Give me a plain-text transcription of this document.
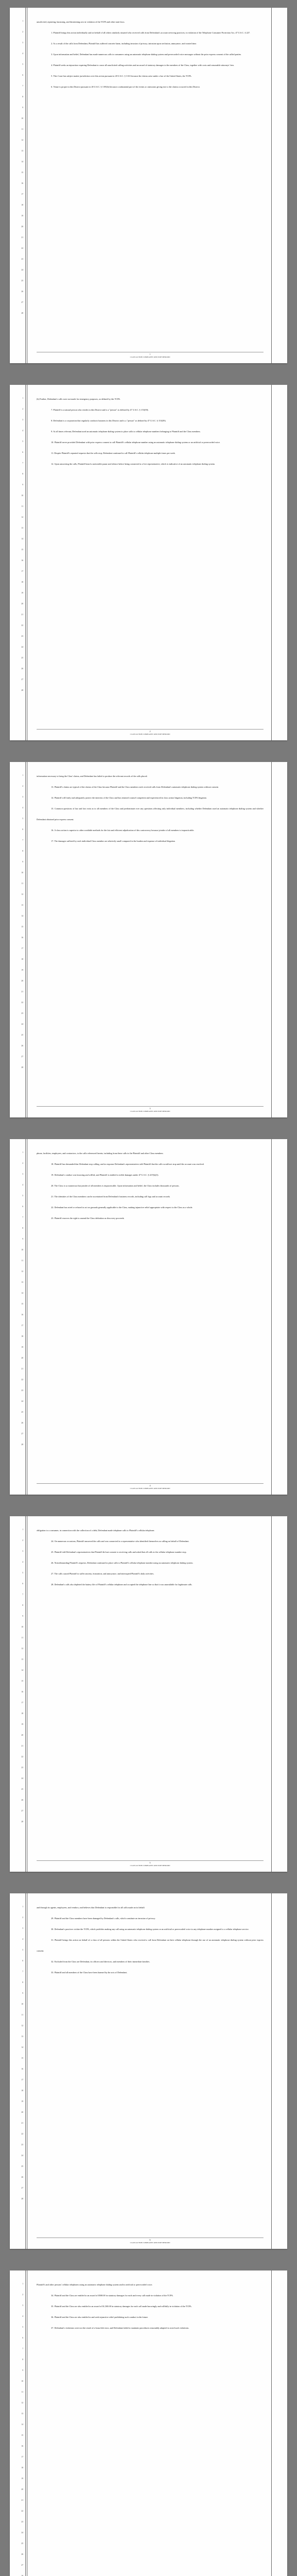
1
2
3
4
5
6
7
8
9
10
11
12
13
14
15
16
17
18
19
20
21
22
23
24
25
26
27
28

unsolicited, repeating, harassing, and threatening acts in violation of the TCPA and other state laws.

1. Plaintiff brings this action individually and on behalf of all others similarly situated who received calls from Defendant's account servicing practices, in violation of the Telephone Consumer Protection Act, 47 U.S.C. § 227.

2. As a result of the calls from Defendant, Plaintiff has suffered concrete harm, including invasion of privacy, intrusion upon seclusion, annoyance, and wasted time.

3. Upon information and belief, Defendant has made numerous calls to consumers using an automatic telephone dialing system and prerecorded voice messages without the prior express consent of the called parties.

4. Plaintiff seeks an injunction requiring Defendant to cease all unsolicited calling activities and an award of statutory damages to the members of the Class, together with costs and reasonable attorneys' fees.

5. This Court has subject matter jurisdiction over this action pursuant to 28 U.S.C. § 1331 because the claims arise under a law of the United States, the TCPA.

6. Venue is proper in this District pursuant to 28 U.S.C. § 1391(b) because a substantial part of the events or omissions giving rise to the claims occurred in this District.

1
CLASS ACTION COMPLAINT AND JURY DEMAND
1
2
3
4
5
6
7
8
9
10
11
12
13
14
15
16
17
18
19
20
21
22
23
24
25
26
27
28

(b) Further, Defendant's calls were not made for emergency purposes, as defined by the TCPA.

7. Plaintiff is a natural person who resides in this District and is a "person" as defined by 47 U.S.C. § 153(39).

8. Defendant is a corporation that regularly conducts business in this District and is a "person" as defined by 47 U.S.C. § 153(39).

9. At all times relevant, Defendant used an automatic telephone dialing system to place calls to cellular telephone numbers belonging to Plaintiff and the Class members.

10. Plaintiff never provided Defendant with prior express consent to call Plaintiff's cellular telephone number using an automatic telephone dialing system or an artificial or prerecorded voice.

11. Despite Plaintiff's repeated requests that the calls stop, Defendant continued to call Plaintiff's cellular telephone multiple times per week.

12. Upon answering the calls, Plaintiff heard a noticeable pause and silence before being connected to a live representative, which is indicative of an automatic telephone dialing system.

2
CLASS ACTION COMPLAINT AND JURY DEMAND
1
2
3
4
5
6
7
8
9
10
11
12
13
14
15
16
17
18
19
20
21
22
23
24
25
26
27
28

information necessary to bring the Class' claims, and Defendant has failed to produce the relevant records of the calls placed.

13. Plaintiff's claims are typical of the claims of the Class because Plaintiff and the Class members each received calls from Defendant's automatic telephone dialing system without consent.

14. Plaintiff will fairly and adequately protect the interests of the Class and has retained counsel competent and experienced in class action litigation, including TCPA litigation.

15. Common questions of law and fact exist as to all members of the Class and predominate over any questions affecting only individual members, including whether Defendant used an automatic telephone dialing system and whether Defendant obtained prior express consent.

16. A class action is superior to other available methods for the fair and efficient adjudication of this controversy because joinder of all members is impracticable.

17. The damages suffered by each individual Class member are relatively small compared to the burden and expense of individual litigation.

3
CLASS ACTION COMPLAINT AND JURY DEMAND
1
2
3
4
5
6
7
8
9
10
11
12
13
14
15
16
17
18
19
20
21
22
23
24
25
26
27
28

phone, facilities, employees, and contractors, to the calls referenced herein, including from these calls to the Plaintiff and other Class members.

18. Plaintiff has demanded that Defendant stop calling, and in response Defendant's representatives told Plaintiff that the calls would not stop until the account was resolved.

19. Defendant's conduct was knowing and willful, and Plaintiff is entitled to treble damages under 47 U.S.C. § 227(b)(3).

20. The Class is so numerous that joinder of all members is impracticable. Upon information and belief, the Class includes thousands of persons.

21. The identities of the Class members can be ascertained from Defendant's business records, including call logs and account records.

22. Defendant has acted or refused to act on grounds generally applicable to the Class, making injunctive relief appropriate with respect to the Class as a whole.

23. Plaintiff reserves the right to amend the Class definition as discovery proceeds.

4
CLASS ACTION COMPLAINT AND JURY DEMAND
1
2
3
4
5
6
7
8
9
10
11
12
13
14
15
16
17
18
19
20
21
22
23
24
25
26
27
28

obligation to a consumer, in connection with the collection of a debt, Defendant made telephone calls to Plaintiff's cellular telephone.

24. On numerous occasions, Plaintiff answered the calls and was connected to a representative who identified themselves as calling on behalf of Defendant.

25. Plaintiff told Defendant's representatives that Plaintiff did not consent to receiving calls and asked that all calls to the cellular telephone number stop.

26. Notwithstanding Plaintiff's requests, Defendant continued to place calls to Plaintiff's cellular telephone number using an automatic telephone dialing system.

27. The calls caused Plaintiff to suffer anxiety, frustration, and annoyance, and interrupted Plaintiff's daily activities.

28. Defendant's calls also depleted the battery life of Plaintiff's cellular telephone and occupied the telephone line so that it was unavailable for legitimate calls.

5
CLASS ACTION COMPLAINT AND JURY DEMAND
1
2
3
4
5
6
7
8
9
10
11
12
13
14
15
16
17
18
19
20
21
22
23
24
25
26
27
28

and through its agents, employees, and vendors, and believes that Defendant is responsible for all calls made on its behalf.

29. Plaintiff and the Class members have been damaged by Defendant's calls, which constitute an invasion of privacy.

30. Defendant's practices violate the TCPA, which prohibits making any call using an automatic telephone dialing system or an artificial or prerecorded voice to any telephone number assigned to a cellular telephone service.

31. Plaintiff brings this action on behalf of a class of all persons within the United States who received a call from Defendant on their cellular telephone through the use of an automatic telephone dialing system without prior express consent.

32. Excluded from the Class are Defendant, its officers and directors, and members of their immediate families.

33. Plaintiff and all members of the Class have been harmed by the acts of Defendant.

6
CLASS ACTION COMPLAINT AND JURY DEMAND
1
2
3
4
5
6
7
8
9
10
11
12
13
14
15
16
17
18
19
20
21
22
23
24
25
26
27
28

Plaintiff's and other persons' cellular telephones using an automatic telephone dialing system and/or artificial or prerecorded voice.

34. Plaintiff and the Class are entitled to an award of $500.00 in statutory damages for each and every call made in violation of the TCPA.

35. Plaintiff and the Class are also entitled to an award of $1,500.00 in statutory damages for each call made knowingly and willfully in violation of the TCPA.

36. Plaintiff and the Class are also entitled to and seek injunctive relief prohibiting such conduct in the future.

37. Defendant's violations were not the result of a bona fide error, and Defendant failed to maintain procedures reasonably adapted to avoid such violations.
